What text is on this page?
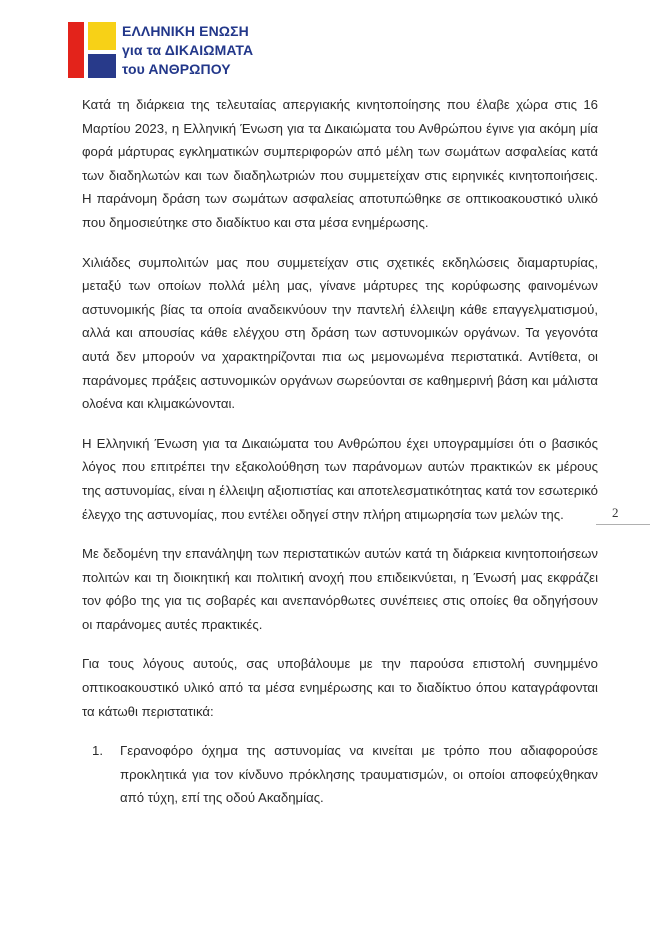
ΕΛΛΗΝΙΚΗ ΕΝΩΣΗ
για τα ΔΙΚΑΙΩΜΑΤΑ
του ΑΝΘΡΩΠΟΥ

Κατά τη διάρκεια της τελευταίας απεργιακής κινητοποίησης που έλαβε χώρα στις 16 Μαρτίου 2023, η Ελληνική Ένωση για τα Δικαιώματα του Ανθρώπου έγινε για ακόμη μία φορά μάρτυρας εγκληματικών συμπεριφορών από μέλη των σωμάτων ασφαλείας κατά των διαδηλωτών και των διαδηλωτριών που συμμετείχαν στις ειρηνικές κινητοποιήσεις. Η παράνομη δράση των σωμάτων ασφαλείας αποτυπώθηκε σε οπτικοακουστικό υλικό που δημοσιεύτηκε στο διαδίκτυο και στα μέσα ενημέρωσης.

Χιλιάδες συμπολιτών μας που συμμετείχαν στις σχετικές εκδηλώσεις διαμαρτυρίας, μεταξύ των οποίων πολλά μέλη μας, γίνανε μάρτυρες της κορύφωσης φαινομένων αστυνομικής βίας τα οποία αναδεικνύουν την παντελή έλλειψη κάθε επαγγελματισμού, αλλά και απουσίας κάθε ελέγχου στη δράση των αστυνομικών οργάνων. Τα γεγονότα αυτά δεν μπορούν να χαρακτηρίζονται πια ως μεμονωμένα περιστατικά. Αντίθετα, οι παράνομες πράξεις αστυνομικών οργάνων σωρεύονται σε καθημερινή βάση και μάλιστα ολοένα και κλιμακώνονται.

Η Ελληνική Ένωση για τα Δικαιώματα του Ανθρώπου έχει υπογραμμίσει ότι ο βασικός λόγος που επιτρέπει την εξακολούθηση των παράνομων αυτών πρακτικών εκ μέρους της αστυνομίας, είναι η έλλειψη αξιοπιστίας και αποτελεσματικότητας κατά τον εσωτερικό έλεγχο της αστυνομίας, που εντέλει οδηγεί στην πλήρη ατιμωρησία των μελών της.

Με δεδομένη την επανάληψη των περιστατικών αυτών κατά τη διάρκεια κινητοποιήσεων πολιτών και τη διοικητική και πολιτική ανοχή που επιδεικνύεται, η Ένωσή μας εκφράζει τον φόβο της για τις σοβαρές και ανεπανόρθωτες συνέπειες στις οποίες θα οδηγήσουν οι παράνομες αυτές πρακτικές.

Για τους λόγους αυτούς, σας υποβάλουμε με την παρούσα επιστολή συνημμένο οπτικοακουστικό υλικό από τα μέσα ενημέρωσης και το διαδίκτυο όπου καταγράφονται τα κάτωθι περιστατικά:

1. Γερανοφόρο όχημα της αστυνομίας να κινείται με τρόπο που αδιαφορούσε προκλητικά για τον κίνδυνο πρόκλησης τραυματισμών, οι οποίοι αποφεύχθηκαν από τύχη, επί της οδού Ακαδημίας.
2
